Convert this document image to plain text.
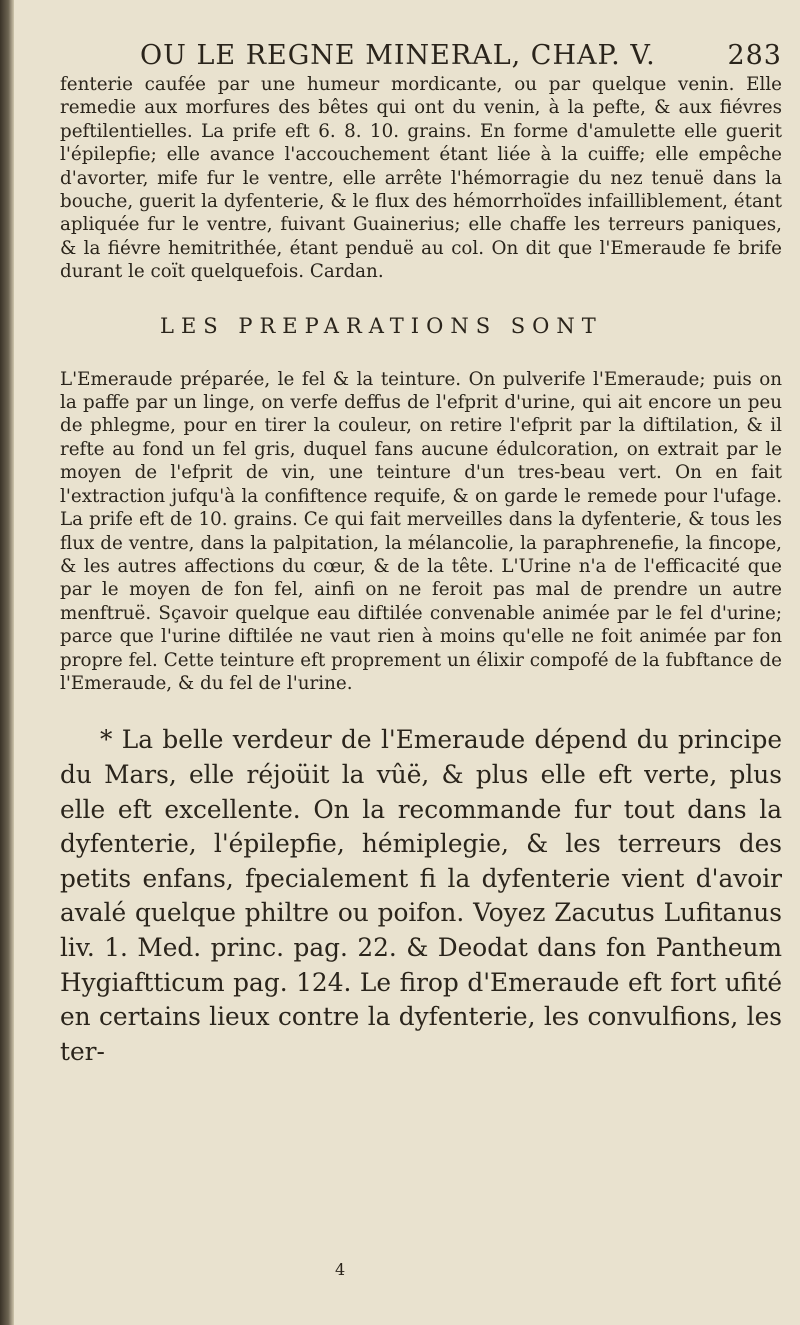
OU LE REGNE MINERAL, CHAP. V.	283

fenterie caufée par une humeur mordicante, ou par quelque venin. Elle remedie aux morfures des bêtes qui ont du venin, à la pefte, & aux fiévres peftilentielles. La prife eft 6. 8. 10. grains. En forme d'amulette elle guerit l'épilepfie; elle avance l'accouchement étant liée à la cuiffe; elle empêche d'avorter, mife fur le ventre, elle arrête l'hémorragie du nez tenuë dans la bouche, guerit la dyfenterie, & le flux des hémorrhoïdes infailliblement, étant apliquée fur le ventre, fuivant Guainerius; elle chaffe les terreurs paniques, & la fiévre hemitrithée, étant penduë au col. On dit que l'Emeraude fe brife durant le coït quelquefois. Cardan.

LES PREPARATIONS SONT

L'Emeraude préparée, le fel & la teinture. On pulverife l'Emeraude; puis on la paffe par un linge, on verfe deffus de l'efprit d'urine, qui ait encore un peu de phlegme, pour en tirer la couleur, on retire l'efprit par la diftilation, & il refte au fond un fel gris, duquel fans aucune édulcoration, on extrait par le moyen de l'efprit de vin, une teinture d'un tres-beau vert. On en fait l'extraction jufqu'à la confiftence requife, & on garde le remede pour l'ufage. La prife eft de 10. grains. Ce qui fait merveilles dans la dyfenterie, & tous les flux de ventre, dans la palpitation, la mélancolie, la paraphrenefie, la fincope, & les autres affections du cœur, & de la tête. L'Urine n'a de l'efficacité que par le moyen de fon fel, ainfi on ne feroit pas mal de prendre un autre menftruë. Sçavoir quelque eau diftilée convenable animée par le fel d'urine; parce que l'urine diftilée ne vaut rien à moins qu'elle ne foit animée par fon propre fel. Cette teinture eft proprement un élixir compofé de la fubftance de l'Emeraude, & du fel de l'urine.

* La belle verdeur de l'Emeraude dépend du principe du Mars, elle réjoüit la vûë, & plus elle eft verte, plus elle eft excellente. On la recommande fur tout dans la dyfenterie, l'épilepfie, hémiplegie, & les terreurs des petits enfans, fpecialement fi la dyfenterie vient d'avoir avalé quelque philtre ou poifon. Voyez Zacutus Lufitanus liv. 1. Med. princ. pag. 22. & Deodat dans fon Pantheum Hygiaftticum pag. 124. Le firop d'Emeraude eft fort ufité en certains lieux contre la dyfenterie, les convulfions, les ter-

4
